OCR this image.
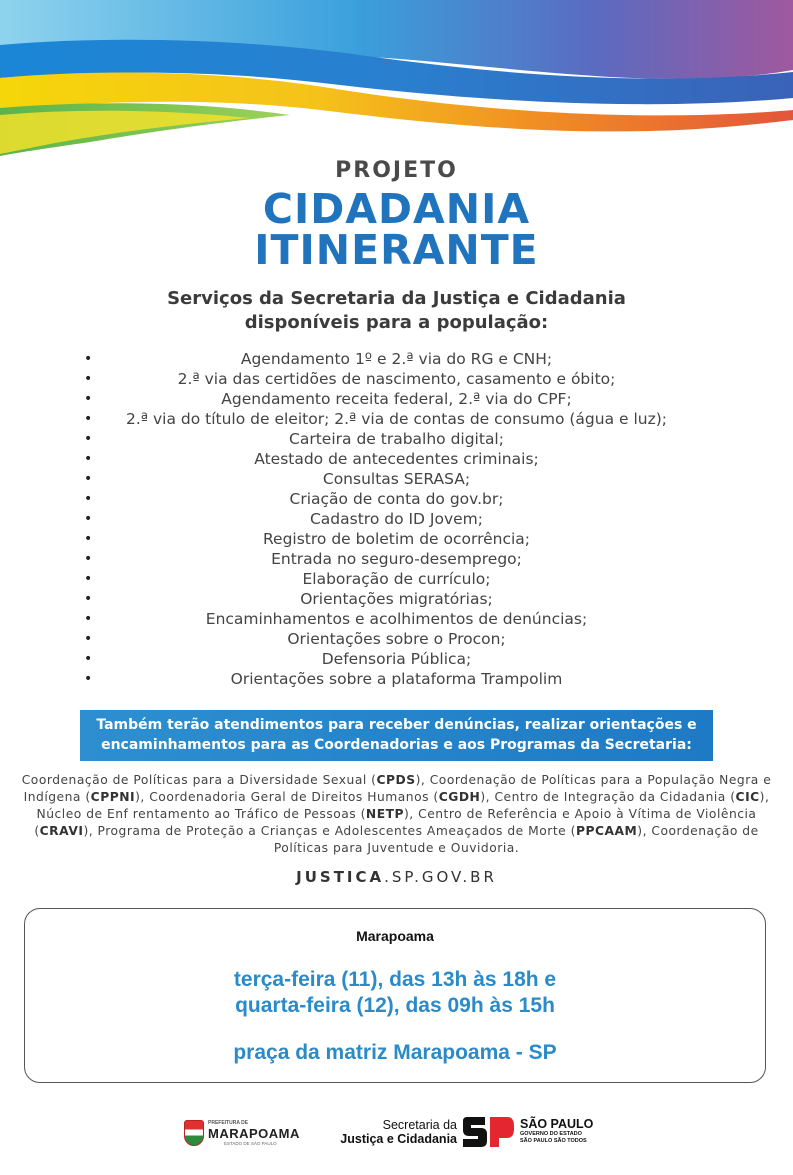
PROJETO
CIDADANIA
ITINERANTE
Serviços da Secretaria da Justiça e Cidadania
disponíveis para a população:
•	Agendamento 1º e 2.ª via do RG e CNH;
•	2.ª via das certidões de nascimento, casamento e óbito;
•	Agendamento receita federal, 2.ª via do CPF;
• 2.ª via do título de eleitor; 2.ª via de contas de consumo (água e luz);
•	Carteira de trabalho digital;
•	Atestado de antecedentes criminais;
•	Consultas SERASA;
•	Criação de conta do gov.br;
•	Cadastro do ID Jovem;
•	Registro de boletim de ocorrência;
•	Entrada no seguro-desemprego;
•	Elaboração de currículo;
•	Orientações migratórias;
•	Encaminhamentos e acolhimentos de denúncias;
•	Orientações sobre o Procon;
•	Defensoria Pública;
•	Orientações sobre a plataforma Trampolim
Também terão atendimentos para receber denúncias, realizar orientações e
encaminhamentos para as Coordenadorias e aos Programas da Secretaria:
Coordenação de Políticas para a Diversidade Sexual (CPDS), Coordenação de Políticas para a População Negra e Indígena (CPPNI), Coordenadoria Geral de Direitos Humanos (CGDH), Centro de Integração da Cidadania (CIC), Núcleo de Enf rentamento ao Tráfico de Pessoas (NETP), Centro de Referência e Apoio à Vítima de Violência (CRAVI), Programa de Proteção a Crianças e Adolescentes Ameaçados de Morte (PPCAAM), Coordenação de Políticas para Juventude e Ouvidoria.
JUSTICA.SP.GOV.BR
Marapoama
terça-feira (11), das 13h às 18h e
quarta-feira (12), das 09h às 15h
praça da matriz Marapoama - SP
PREFEITURA DE
MARAPOAMA
ESTADO DE SÃO PAULO
Secretaria da
Justiça e Cidadania
SÃO PAULO
GOVERNO DO ESTADO
SÃO PAULO SÃO TODOS
